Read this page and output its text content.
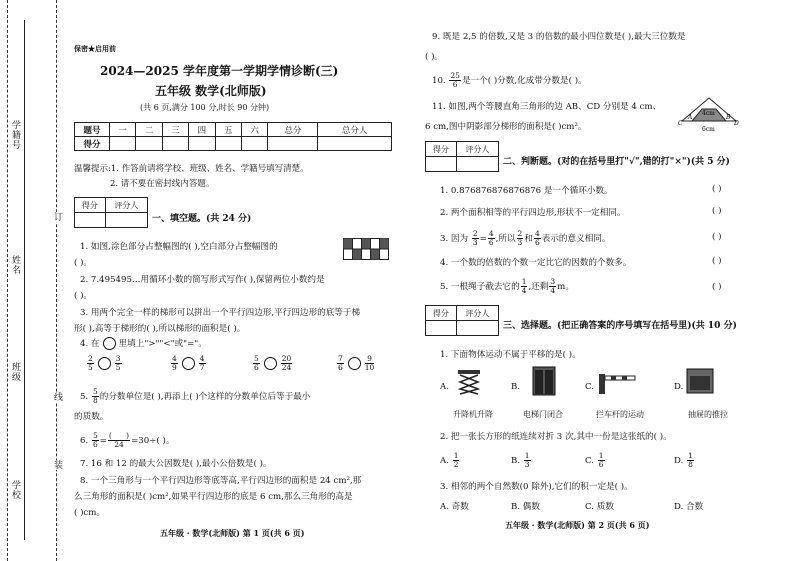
学籍号
姓名
班级
学校
订
线
装
保密★启用前
2024—2025 学年度第一学期学情诊断(三)
五年级 数学(北师版)
(共 6 页,满分 100 分,时长 90 分钟)
题号	一	二	三	四	五	六	总分	总分人
得分								
温馨提示:1. 作答前请将学校、班级、姓名、学籍号填写清楚。
2. 请不要在密封线内答题。
得分	评分人

一、填空题。(共 24 分)
1. 如图,涂色部分占整幅图的( ),空白部分占整幅图的
( )。
2. 7.495495…用循环小数的简写形式写作( ),保留两位小数约是
( )。
3. 用两个完全一样的梯形可以拼出一个平行四边形,平行四边形的底等于梯
形( ),高等于梯形的( ),所以梯形的面积是( )。
4. 在 里填上">""<"或"="。
$\frac{2}{5}$	$\frac{3}{5}$	$\frac{4}{9}$	$\frac{4}{7}$	$\frac{5}{6}$	$\frac{20}{24}$	$\frac{7}{6}$	$\frac{9}{10}$
5. $\frac{5}{8}$ 的分数单位是( ),再添上( )个这样的分数单位后等于最小
的质数。
6. $\frac{5}{6} = \frac{( )}{24} =30\div$( )。
7. 16 和 12 的最大公因数是( ),最小公倍数是( )。
8. 一个三角形与一个平行四边形等底等高,平行四边形的面积是 24 cm²,那
么三角形的面积是( )cm²,如果平行四边形的底是 6 cm,那么三角形的高是
( )cm。
五年级 · 数学(北师版) 第 1 页(共 6 页)
9. 既是 2,5 的倍数,又是 3 的倍数的最小四位数是( ),最大三位数是
( )。
10. $\frac{25}{6}$ 是一个( )分数,化成带分数是( )。
11. 如图,两个等腰直角三角形的边 AB、CD 分别是 4 cm、
6 cm,图中阴影部分梯形的面积是( )cm²。	C	D
A	B
4cm
6cm
得分	评分人

二、判断题。(对的在括号里打"√",错的打"×")(共 5 分)
1. 0.876876876876876 是一个循环小数。
2. 两个面积相等的平行四边形,形状不一定相同。
3. 因为 $\frac{2}{3} = \frac{4}{6}$ ,所以 $\frac{2}{3}$ 和 $\frac{4}{6}$ 表示的意义相同。
4. 一个数的倍数的个数一定比它的因数的个数多。
5. 一根绳子截去它的 $\frac{1}{4}$ ,还剩 $\frac{3}{4}$ m。
( )
( )
( )
( )
( )
得分	评分人

三、选择题。(把正确答案的序号填写在括号里)(共 10 分)
1. 下面物体运动不属于平移的是( )。
A.
升降机升降
B.
电梯门闭合
C.
拦车杆的运动
D.
抽屉的推拉
2. 把一张长方形的纸连续对折 3 次,其中一份是这张纸的( )。
A. $\frac{1}{2}$	B. $\frac{1}{3}$	C. $\frac{1}{6}$	D. $\frac{1}{8}$
3. 相邻的两个自然数(0 除外),它们的积一定是( )。
A. 奇数	B. 偶数	C. 质数	D. 合数
五年级 · 数学(北师版) 第 2 页(共 6 页)
